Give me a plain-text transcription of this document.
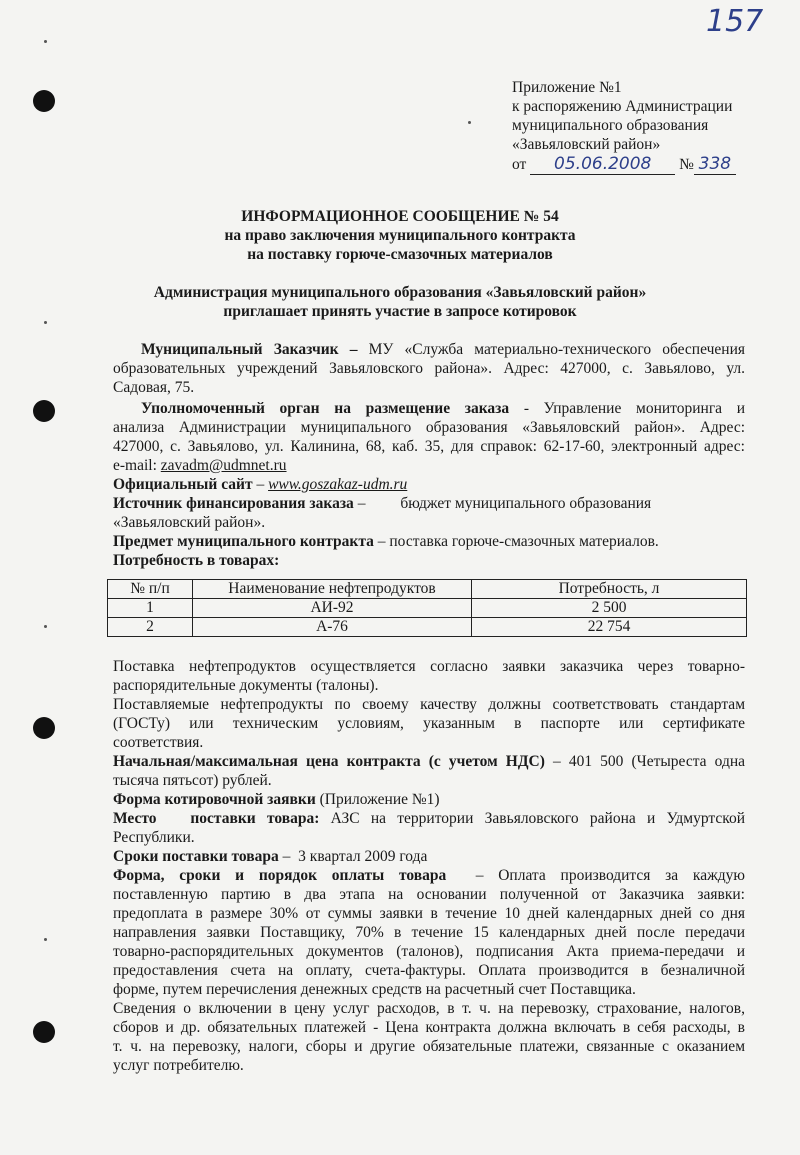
157
Приложение №1
к распоряжению Администрации
муниципального образования
«Завьяловский район»
от 05.06.2008 № 338
ИНФОРМАЦИОННОЕ СООБЩЕНИЕ № 54
на право заключения муниципального контракта
на поставку горюче-смазочных материалов
Администрация муниципального образования «Завьяловский район»
приглашает принять участие в запросе котировок
Муниципальный Заказчик – МУ «Служба материально-технического обеспечения
образовательных учреждений Завьяловского района». Адрес: 427000, с. Завьялово, ул.
Садовая, 75.
Уполномоченный орган на размещение заказа - Управление мониторинга и
анализа Администрации муниципального образования «Завьяловский район». Адрес:
427000, с. Завьялово, ул. Калинина, 68, каб. 35, для справок: 62-17-60, электронный адрес:
e-mail: zavadm@udmnet.ru
Официальный сайт – www.goszakaz-udm.ru
Источник финансирования заказа –         бюджет муниципального образования
«Завьяловский район».
Предмет муниципального контракта – поставка горюче-смазочных материалов.
Потребность в товарах:
№ п/п	Наименование нефтепродуктов	Потребность, л
1	АИ-92	2 500
2	А-76	22 754
Поставка нефтепродуктов осуществляется согласно заявки заказчика через товарно-
распорядительные документы (талоны).
Поставляемые нефтепродукты по своему качеству должны соответствовать стандартам
(ГОСТу) или техническим условиям, указанным в паспорте или сертификате
соответствия.
Начальная/максимальная цена контракта (с учетом НДС) – 401 500 (Четыреста одна
тысяча пятьсот) рублей.
Форма котировочной заявки (Приложение №1)
Место   поставки товара: АЗС на территории Завьяловского района и Удмуртской
Республики.
Сроки поставки товара –  3 квартал 2009 года
Форма, сроки и порядок оплаты товара  – Оплата производится за каждую
поставленную партию в два этапа на основании полученной от Заказчика заявки:
предоплата в размере 30% от суммы заявки в течение 10 дней календарных дней со дня
направления заявки Поставщику, 70% в течение 15 календарных дней после передачи
товарно-распорядительных документов (талонов), подписания Акта приема-передачи и
предоставления счета на оплату, счета-фактуры. Оплата производится в безналичной
форме, путем перечисления денежных средств на расчетный счет Поставщика.
Сведения о включении в цену услуг расходов, в т. ч. на перевозку, страхование, налогов,
сборов и др. обязательных платежей - Цена контракта должна включать в себя расходы, в
т. ч. на перевозку, налоги, сборы и другие обязательные платежи, связанные с оказанием
услуг потребителю.
